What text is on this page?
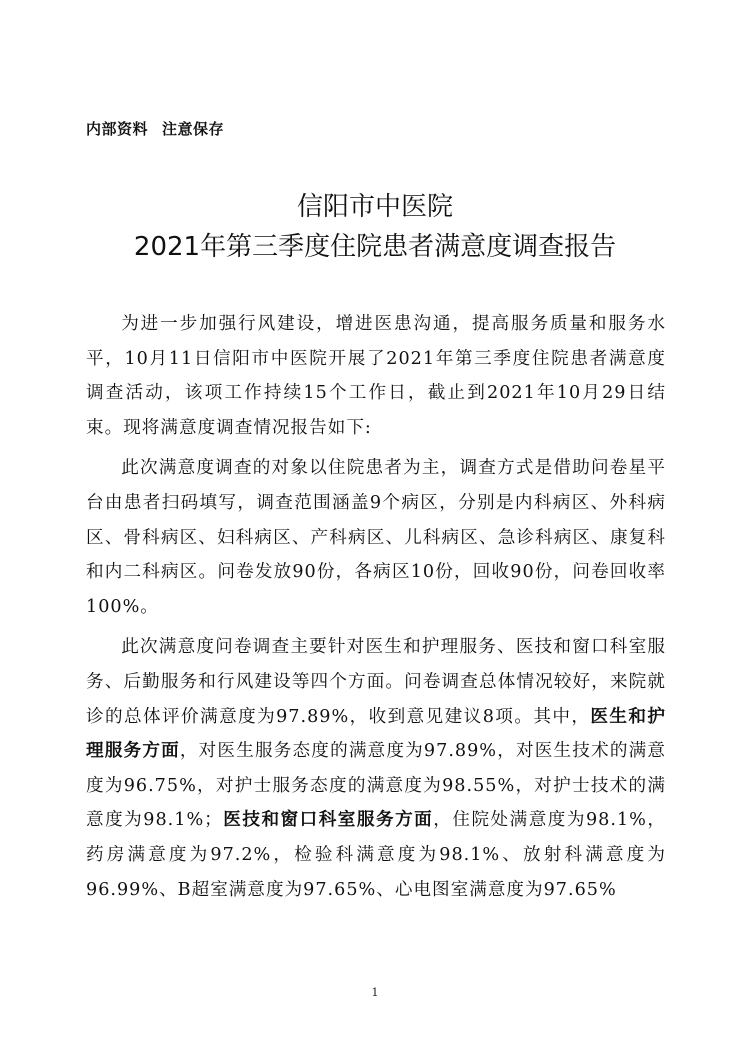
内部资料 注意保存
信阳市中医院
2021年第三季度住院患者满意度调查报告

为进一步加强行风建设，增进医患沟通，提高服务质量和服务水平，10月11日信阳市中医院开展了2021年第三季度住院患者满意度调查活动，该项工作持续15个工作日，截止到2021年10月29日结束。现将满意度调查情况报告如下:

此次满意度调查的对象以住院患者为主，调查方式是借助问卷星平台由患者扫码填写，调查范围涵盖9个病区，分别是内科病区、外科病区、骨科病区、妇科病区、产科病区、儿科病区、急诊科病区、康复科和内二科病区。问卷发放90份，各病区10份，回收90份，问卷回收率100%。

此次满意度问卷调查主要针对医生和护理服务、医技和窗口科室服务、后勤服务和行风建设等四个方面。问卷调查总体情况较好，来院就诊的总体评价满意度为97.89%，收到意见建议8项。其中，医生和护理服务方面，对医生服务态度的满意度为97.89%，对医生技术的满意度为96.75%，对护士服务态度的满意度为98.55%，对护士技术的满意度为98.1%；医技和窗口科室服务方面，住院处满意度为98.1%，药房满意度为97.2%，检验科满意度为98.1%、放射科满意度为96.99%、B超室满意度为97.65%、心电图室满意度为97.65%

1
